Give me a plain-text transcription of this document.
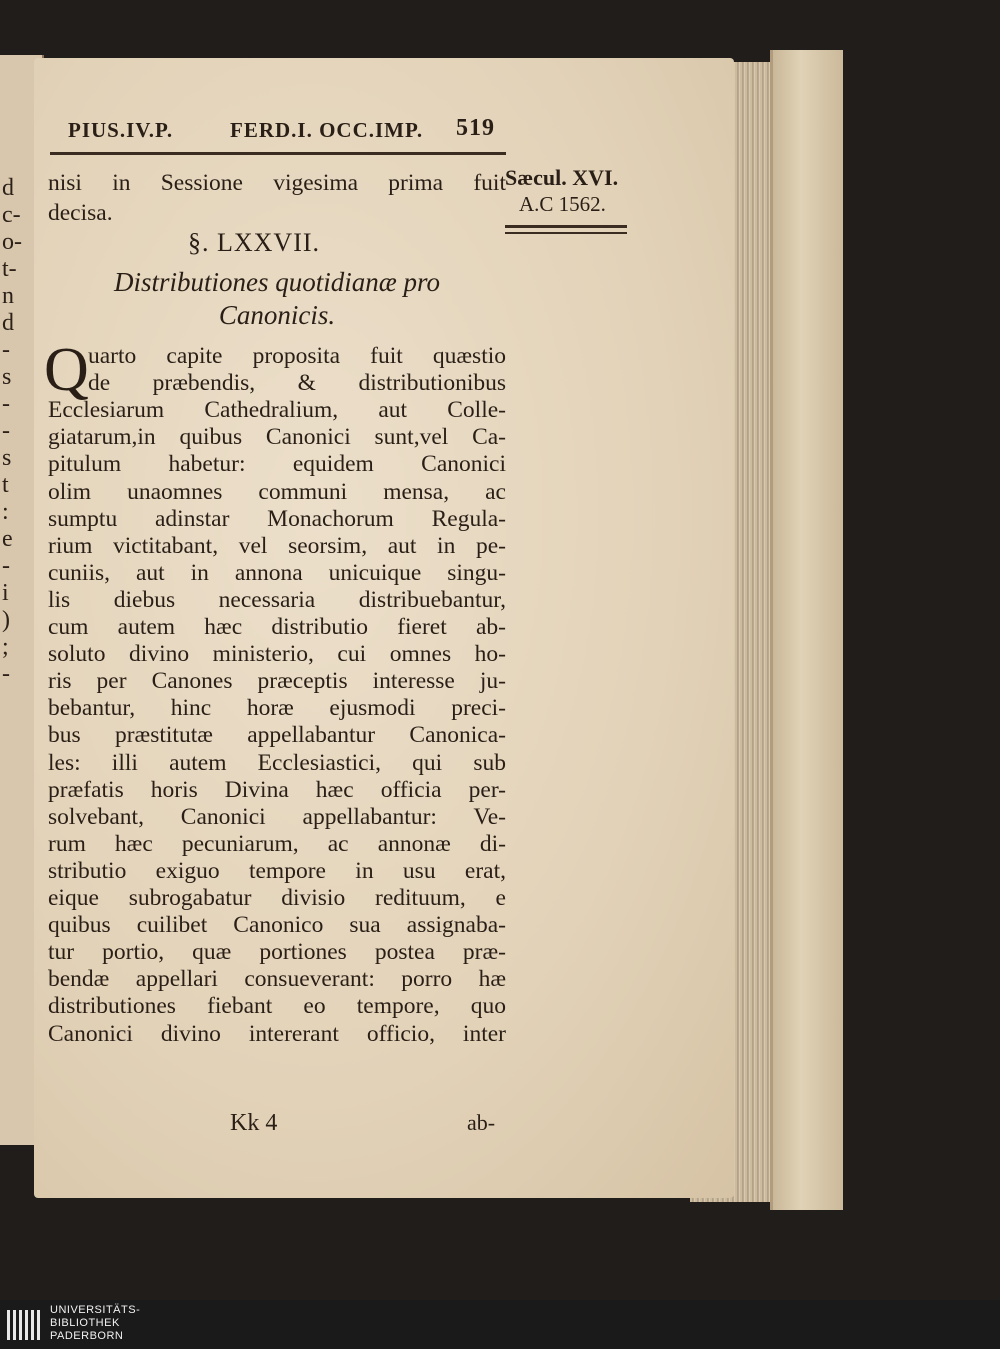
d
c-
o-
t-
n
d
-
s
-
-
s
t
:
e
-
i
)
;
-
PIUS.IV.P.	FERD.I. OCC.IMP. 519
Sæcul. XVI.
A.C 1562.
nisi in Sessione vigesima prima fuit
decisa.
§. LXXVII.
Distributiones quotidianæ pro
Canonicis.
Q uarto capite proposita fuit quæstio
de præbendis, & distributionibus
Ecclesiarum Cathedralium, aut Colle-
giatarum,in quibus Canonici sunt,vel Ca-
pitulum habetur: equidem Canonici
olim unaomnes communi mensa, ac
sumptu adinstar Monachorum Regula-
rium victitabant, vel seorsim, aut in pe-
cuniis, aut in annona unicuique singu-
lis diebus necessaria distribuebantur,
cum autem hæc distributio fieret ab-
soluto divino ministerio, cui omnes ho-
ris per Canones præceptis interesse ju-
bebantur, hinc horæ ejusmodi preci-
bus præstitutæ appellabantur Canonica-
les: illi autem Ecclesiastici, qui sub
præfatis horis Divina hæc officia per-
solvebant, Canonici appellabantur: Ve-
rum hæc pecuniarum, ac annonæ di-
stributio exiguo tempore in usu erat,
eique subrogabatur divisio redituum, e
quibus cuilibet Canonico sua assignaba-
tur portio, quæ portiones postea præ-
bendæ appellari consueverant: porro hæ
distributiones fiebant eo tempore, quo
Canonici divino intererant officio, inter
Kk 4	ab-
UNIVERSITÄTS-
BIBLIOTHEK
PADERBORN
